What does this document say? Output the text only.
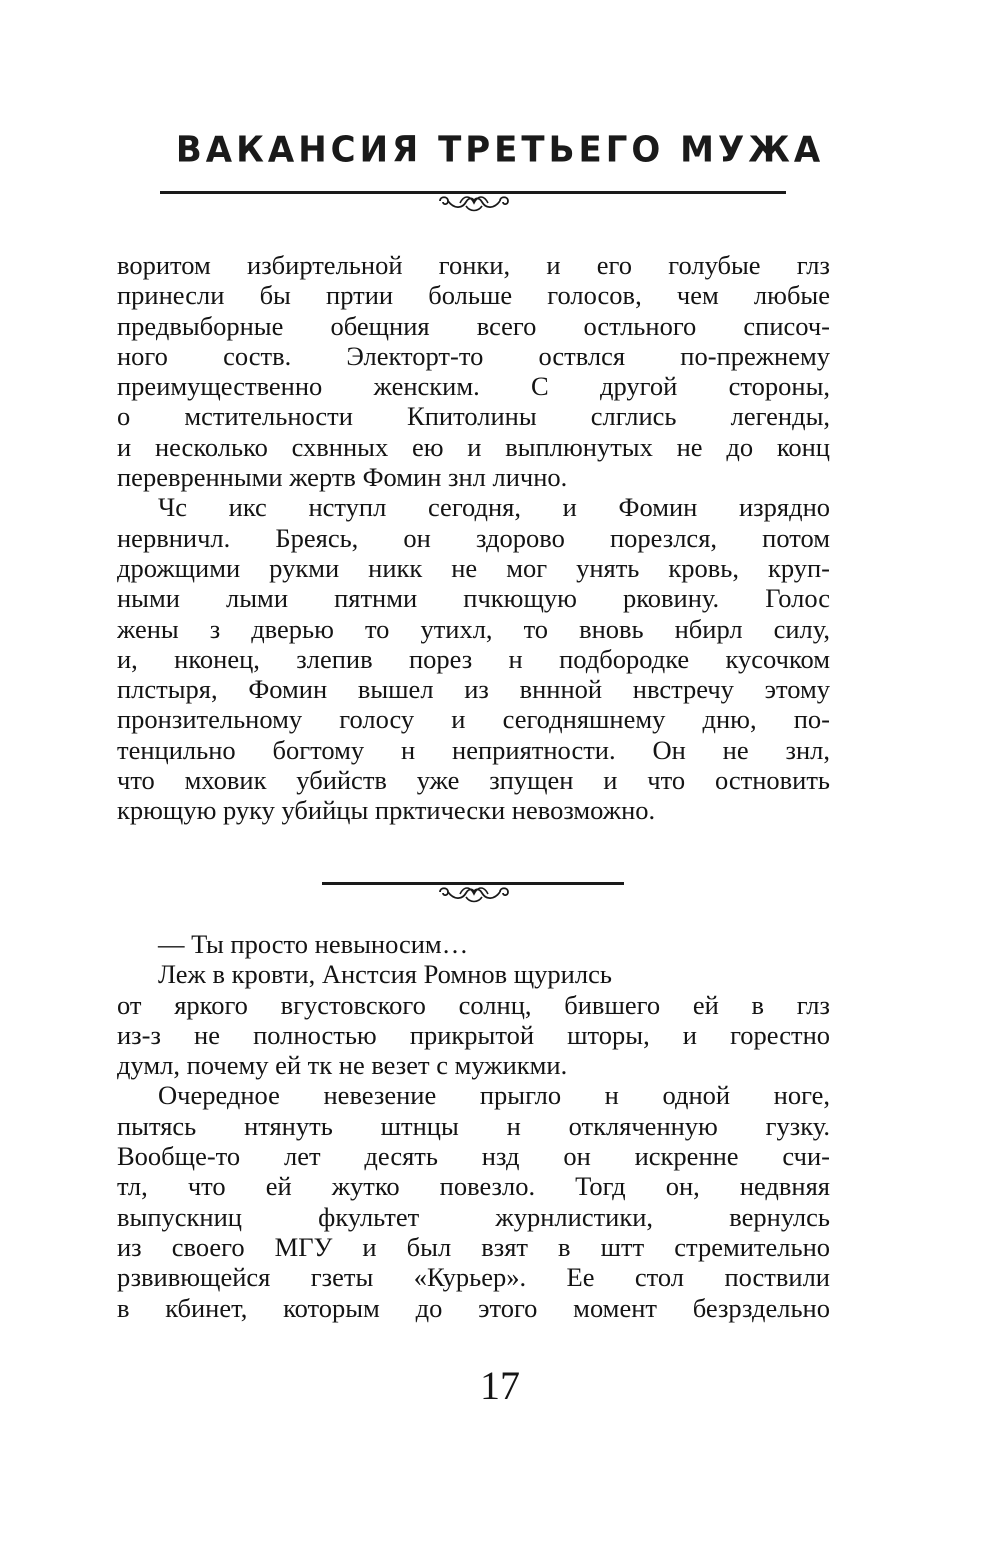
ВАКАНСИЯ ТРЕТЬЕГО МУЖА
воритом избиртельной гонки, и его голубые глз
принесли бы пртии больше голосов, чем любые
предвыборные обещния всего остльного списоч-
ного соств. Электорт-то оствлся по-прежнему
преимущественно женским. С другой стороны,
о мстительности Кпитолины слглись легенды,
и несколько схвнных ею и выплюнутых не до конц
перевренными жертв Фомин знл лично.
Чс икс нступл сегодня, и Фомин изрядно
нервничл. Бреясь, он здорово порезлся, потом
дрожщими рукми никк не мог унять кровь, круп-
ными лыми пятнми пчкющую рковину. Голос
жены з дверью то утихл, то вновь нбирл силу,
и, нконец, злепив порез н подбородке кусочком
плстыря, Фомин вышел из вннной нвстречу этому
пронзительному голосу и сегодняшнему дню, по-
тенцильно богтому н неприятности. Он не знл,
что мховик убийств уже зпущен и что остновить
крющую руку убийцы прктически невозможно.
— Ты просто невыносим…
Леж в кровти, Анстсия Ромнов щурилсь
от яркого вгустовского солнц, бившего ей в глз
из-з не полностью прикрытой шторы, и горестно
думл, почему ей тк не везет с мужикми.
Очередное невезение прыгло н одной ноге,
пытясь нтянуть штнцы н откляченную гузку.
Вообще-то лет десять нзд он искренне счи-
тл, что ей жутко повезло. Тогд он, недвняя
выпускниц фкультет журнлистики, вернулсь
из своего МГУ и был взят в штт стремительно
рзвивющейся гзеты «Курьер». Ее стол поствили
в кбинет, которым до этого момент безрздельно
17
